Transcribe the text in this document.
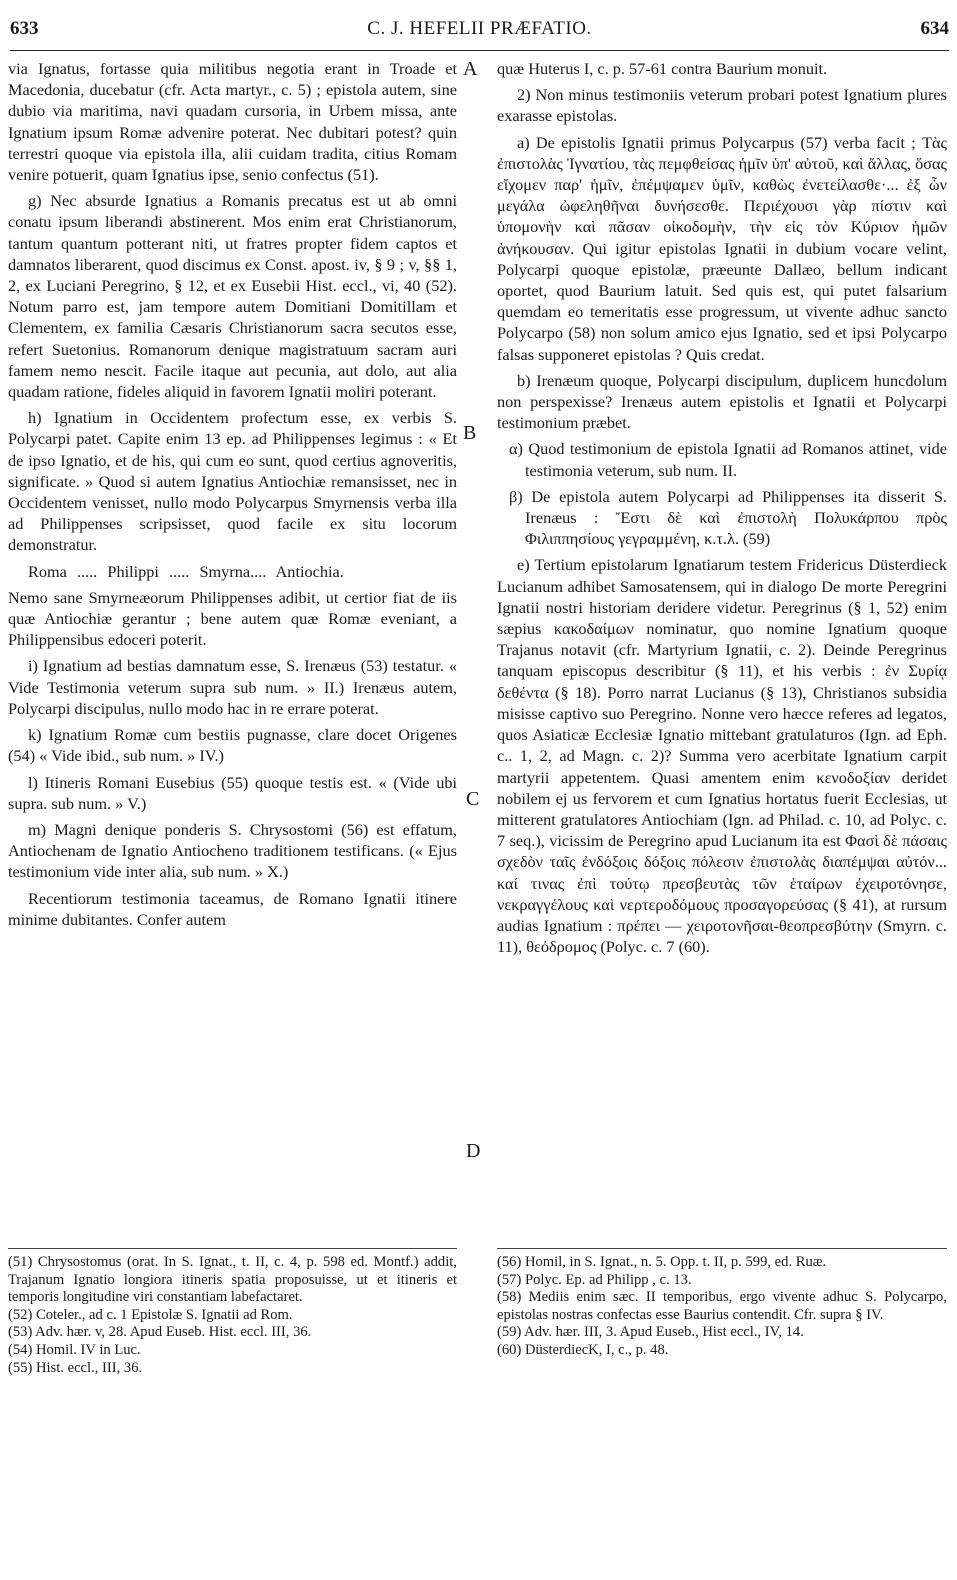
633	C. J. HEFELII PRÆFATIO.	634
A
B
C
D

via Ignatus, fortasse quia militibus negotia erant in Troade et Macedonia, ducebatur (cfr. Acta martyr., c. 5) ; epistola autem, sine dubio via maritima, navi quadam cursoria, in Urbem missa, ante Ignatium ipsum Romæ advenire poterat. Nec dubitari potest? quin terrestri quoque via epistola illa, alii cuidam tradita, citius Romam venire potuerit, quam Ignatius ipse, senio confectus (51).

g) Nec absurde Ignatius a Romanis precatus est ut ab omni conatu ipsum liberandi abstinerent. Mos enim erat Christianorum, tantum quantum potterant niti, ut fratres propter fidem captos et damnatos liberarent, quod discimus ex Const. apost. iv, § 9 ; v, §§ 1, 2, ex Luciani Peregrino, § 12, et ex Eusebii Hist. eccl., vi, 40 (52). Notum parro est, jam tempore autem Domitiani Domitillam et Clementem, ex familia Cæsaris Christianorum sacra secutos esse, refert Suetonius. Romanorum denique magistratuum sacram auri famem nemo nescit. Facile itaque aut pecunia, aut dolo, aut alia quadam ratione, fideles aliquid in favorem Ignatii moliri poterant.

h) Ignatium in Occidentem profectum esse, ex verbis S. Polycarpi patet. Capite enim 13 ep. ad Philippenses legimus : « Et de ipso Ignatio, et de his, qui cum eo sunt, quod certius agnoveritis, significate. » Quod si autem Ignatius Antiochiæ remansisset, nec in Occidentem venisset, nullo modo Polycarpus Smyrnensis verba illa ad Philippenses scripsisset, quod facile ex situ locorum demonstratur.

Roma ..... Philippi ..... Smyrna.... Antiochia.

Nemo sane Smyrneæorum Philippenses adibit, ut certior fiat de iis quæ Antiochiæ gerantur ; bene autem quæ Romæ eveniant, a Philippensibus edoceri poterit.

i) Ignatium ad bestias damnatum esse, S. Irenæus (53) testatur. « Vide Testimonia veterum supra sub num. » II.) Irenæus autem, Polycarpi discipulus, nullo modo hac in re errare poterat.

k) Ignatium Romæ cum bestiis pugnasse, clare docet Origenes (54) « Vide ibid., sub num. » IV.)

l) Itineris Romani Eusebius (55) quoque testis est. « (Vide ubi supra. sub num. » V.)

m) Magni denique ponderis S. Chrysostomi (56) est effatum, Antiochenam de Ignatio Antiocheno traditionem testificans. (« Ejus testimonium vide inter alia, sub num. » X.)

Recentiorum testimonia taceamus, de Romano Ignatii itinere minime dubitantes. Confer autem

quæ Huterus I, c. p. 57-61 contra Baurium monuit.

2) Non minus testimoniis veterum probari potest Ignatium plures exarasse epistolas.

a) De epistolis Ignatii primus Polycarpus (57) verba facit ; Τὰς ἐπιστολὰς Ἰγνατίου, τὰς πεμφθείσας ἡμῖν ὑπ' αὐτοῦ, καὶ ἄλλας, ὅσας εἴχομεν παρ' ἡμῖν, ἐπέμψαμεν ὑμῖν, καθὼς ἐνετείλασθε·... ἐξ ὧν μεγάλα ὠφεληθῆναι δυνήσεσθε. Περιέχουσι γὰρ πίστιν καὶ ὑπομονὴν καὶ πᾶσαν οἰκοδομὴν, τὴν εἰς τὸν Κύριον ἡμῶν ἀνήκουσαν. Qui igitur epistolas Ignatii in dubium vocare velint, Polycarpi quoque epistolæ, præeunte Dallæo, bellum indicant oportet, quod Baurium latuit. Sed quis est, qui putet falsarium quemdam eo temeritatis esse progressum, ut vivente adhuc sancto Polycarpo (58) non solum amico ejus Ignatio, sed et ipsi Polycarpo falsas supponeret epistolas ? Quis credat.

b) Irenæum quoque, Polycarpi discipulum, duplicem huncdolum non perspexisse? Irenæus autem epistolis et Ignatii et Polycarpi testimonium præbet.

α) Quod testimonium de epistola Ignatii ad Romanos attinet, vide testimonia veterum, sub num. II.

β) De epistola autem Polycarpi ad Philippenses ita disserit S. Irenæus : Ἔστι δὲ καὶ ἐπιστολὴ Πολυκάρπου πρὸς Φιλιππησίους γεγραμμένη, κ.τ.λ. (59)

e) Tertium epistolarum Ignatiarum testem Fridericus Düsterdieck Lucianum adhibet Samosatensem, qui in dialogo De morte Peregrini Ignatii nostri historiam deridere videtur. Peregrinus (§ 1, 52) enim sæpius κακοδαίμων nominatur, quo nomine Ignatium quoque Trajanus notavit (cfr. Martyrium Ignatii, c. 2). Deinde Peregrinus tanquam episcopus describitur (§ 11), et his verbis : ἐν Συρίᾳ δεθέντα (§ 18). Porro narrat Lucianus (§ 13), Christianos subsidia misisse captivo suo Peregrino. Nonne vero hæcce referes ad legatos, quos Asiaticæ Ecclesiæ Ignatio mittebant gratulaturos (Ign. ad Eph. c.. 1, 2, ad Magn. c. 2)? Summa vero acerbitate Ignatium carpit martyrii appetentem. Quasi amentem enim κενοδοξίαν deridet nobilem ej us fervorem et cum Ignatius hortatus fuerit Ecclesias, ut mitterent gratulatores Antiochiam (Ign. ad Philad. c. 10, ad Polyc. c. 7 seq.), vicissim de Peregrino apud Lucianum ita est Φασὶ δὲ πάσαις σχεδὸν ταῖς ἐνδόξοις δόξοις πόλεσιν ἐπιστολὰς διαπέμψαι αὐτόν... καί τινας ἐπὶ τούτῳ πρεσβευτὰς τῶν ἑταίρων ἐχειροτόνησε, νεκραγγέλους καὶ νερτεροδόμους προσαγορεύσας (§ 41), at rursum audias Ignatium : πρέπει — χειροτονῆσαι-θεοπρεσβύτην (Smyrn. c. 11), θεόδρομος (Polyc. c. 7 (60).

(51) Chrysostomus (orat. In S. Ignat., t. II, c. 4, p. 598 ed. Montf.) addit, Trajanum Ignatio longiora itineris spatia proposuisse, ut et itineris et temporis longitudine viri constantiam labefactaret.

(52) Coteler., ad c. 1 Epistolæ S. Ignatii ad Rom.

(53) Adv. hær. v, 28. Apud Euseb. Hist. eccl. III, 36.

(54) Homil. IV in Luc.

(55) Hist. eccl., III, 36.

(56) Homil, in S. Ignat., n. 5. Opp. t. II, p. 599, ed. Ruæ.

(57) Polyc. Ep. ad Philipp , c. 13.

(58) Mediis enim sæc. II temporibus, ergo vivente adhuc S. Polycarpo, epistolas nostras confectas esse Baurius contendit. Cfr. supra § IV.

(59) Adv. hær. III, 3. Apud Euseb., Hist eccl., IV, 14.

(60) DüsterdiecK, I, c., p. 48.
